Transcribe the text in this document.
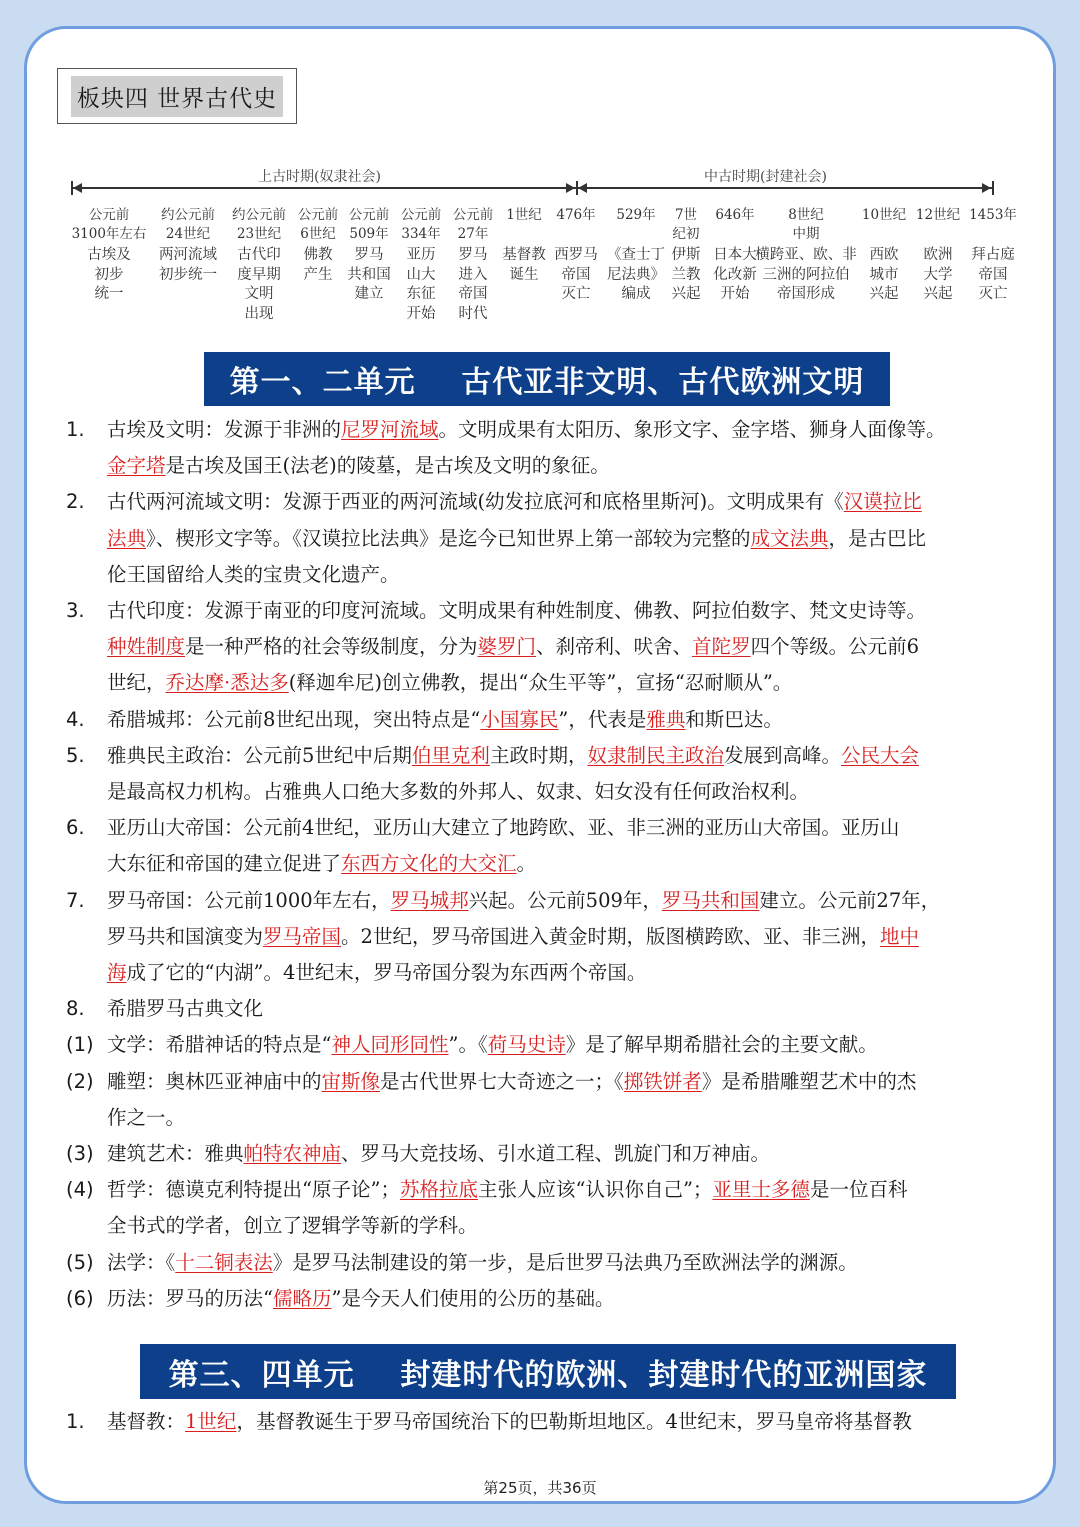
板块四 世界古代史
上古时期(奴隶社会)	中古时期(封建社会)
公元前
3100年左右
古埃及
初步
统一
约公元前
24世纪
两河流域
初步统一
约公元前
23世纪
古代印
度早期
文明
出现
公元前
6世纪
佛教
产生
公元前
509年
罗马
共和国
建立
公元前
334年
亚历
山大
东征
开始
公元前
27年
罗马
进入
帝国
时代
1世纪
基督教
诞生
476年
西罗马
帝国
灭亡
529年
《查士丁
尼法典》
编成
7世
纪初
伊斯
兰教
兴起
646年
日本大
化改新
开始
8世纪
中期
横跨亚、欧、非
三洲的阿拉伯
帝国形成
10世纪
西欧
城市
兴起
12世纪
欧洲
大学
兴起
1453年
拜占庭
帝国
灭亡
第一、二单元    古代亚非文明、古代欧洲文明
1. 古埃及文明：发源于非洲的尼罗河流域。文明成果有太阳历、象形文字、金字塔、狮身人面像等。
金字塔是古埃及国王(法老)的陵墓，是古埃及文明的象征。
2. 古代两河流域文明：发源于西亚的两河流域(幼发拉底河和底格里斯河)。文明成果有《汉谟拉比
法典》、楔形文字等。《汉谟拉比法典》是迄今已知世界上第一部较为完整的成文法典，是古巴比
伦王国留给人类的宝贵文化遗产。
3. 古代印度：发源于南亚的印度河流域。文明成果有种姓制度、佛教、阿拉伯数字、梵文史诗等。
种姓制度是一种严格的社会等级制度，分为婆罗门、刹帝利、吠舍、首陀罗四个等级。公元前6
世纪，乔达摩·悉达多(释迦牟尼)创立佛教，提出“众生平等”，宣扬“忍耐顺从”。
4. 希腊城邦：公元前8世纪出现，突出特点是“小国寡民”，代表是雅典和斯巴达。
5. 雅典民主政治：公元前5世纪中后期伯里克利主政时期，奴隶制民主政治发展到高峰。公民大会
是最高权力机构。占雅典人口绝大多数的外邦人、奴隶、妇女没有任何政治权利。
6. 亚历山大帝国：公元前4世纪，亚历山大建立了地跨欧、亚、非三洲的亚历山大帝国。亚历山
大东征和帝国的建立促进了东西方文化的大交汇。
7. 罗马帝国：公元前1000年左右，罗马城邦兴起。公元前509年，罗马共和国建立。公元前27年，
罗马共和国演变为罗马帝国。2世纪，罗马帝国进入黄金时期，版图横跨欧、亚、非三洲，地中
海成了它的“内湖”。4世纪末，罗马帝国分裂为东西两个帝国。
8. 希腊罗马古典文化
(1) 文学：希腊神话的特点是“神人同形同性”。《荷马史诗》是了解早期希腊社会的主要文献。
(2) 雕塑：奥林匹亚神庙中的宙斯像是古代世界七大奇迹之一；《掷铁饼者》是希腊雕塑艺术中的杰
作之一。
(3) 建筑艺术：雅典帕特农神庙、罗马大竞技场、引水道工程、凯旋门和万神庙。
(4) 哲学：德谟克利特提出“原子论”；苏格拉底主张人应该“认识你自己”；亚里士多德是一位百科
全书式的学者，创立了逻辑学等新的学科。
(5) 法学：《十二铜表法》是罗马法制建设的第一步，是后世罗马法典乃至欧洲法学的渊源。
(6) 历法：罗马的历法“儒略历”是今天人们使用的公历的基础。
第三、四单元    封建时代的欧洲、封建时代的亚洲国家
1. 基督教：1世纪，基督教诞生于罗马帝国统治下的巴勒斯坦地区。4世纪末，罗马皇帝将基督教
第25页，共36页
